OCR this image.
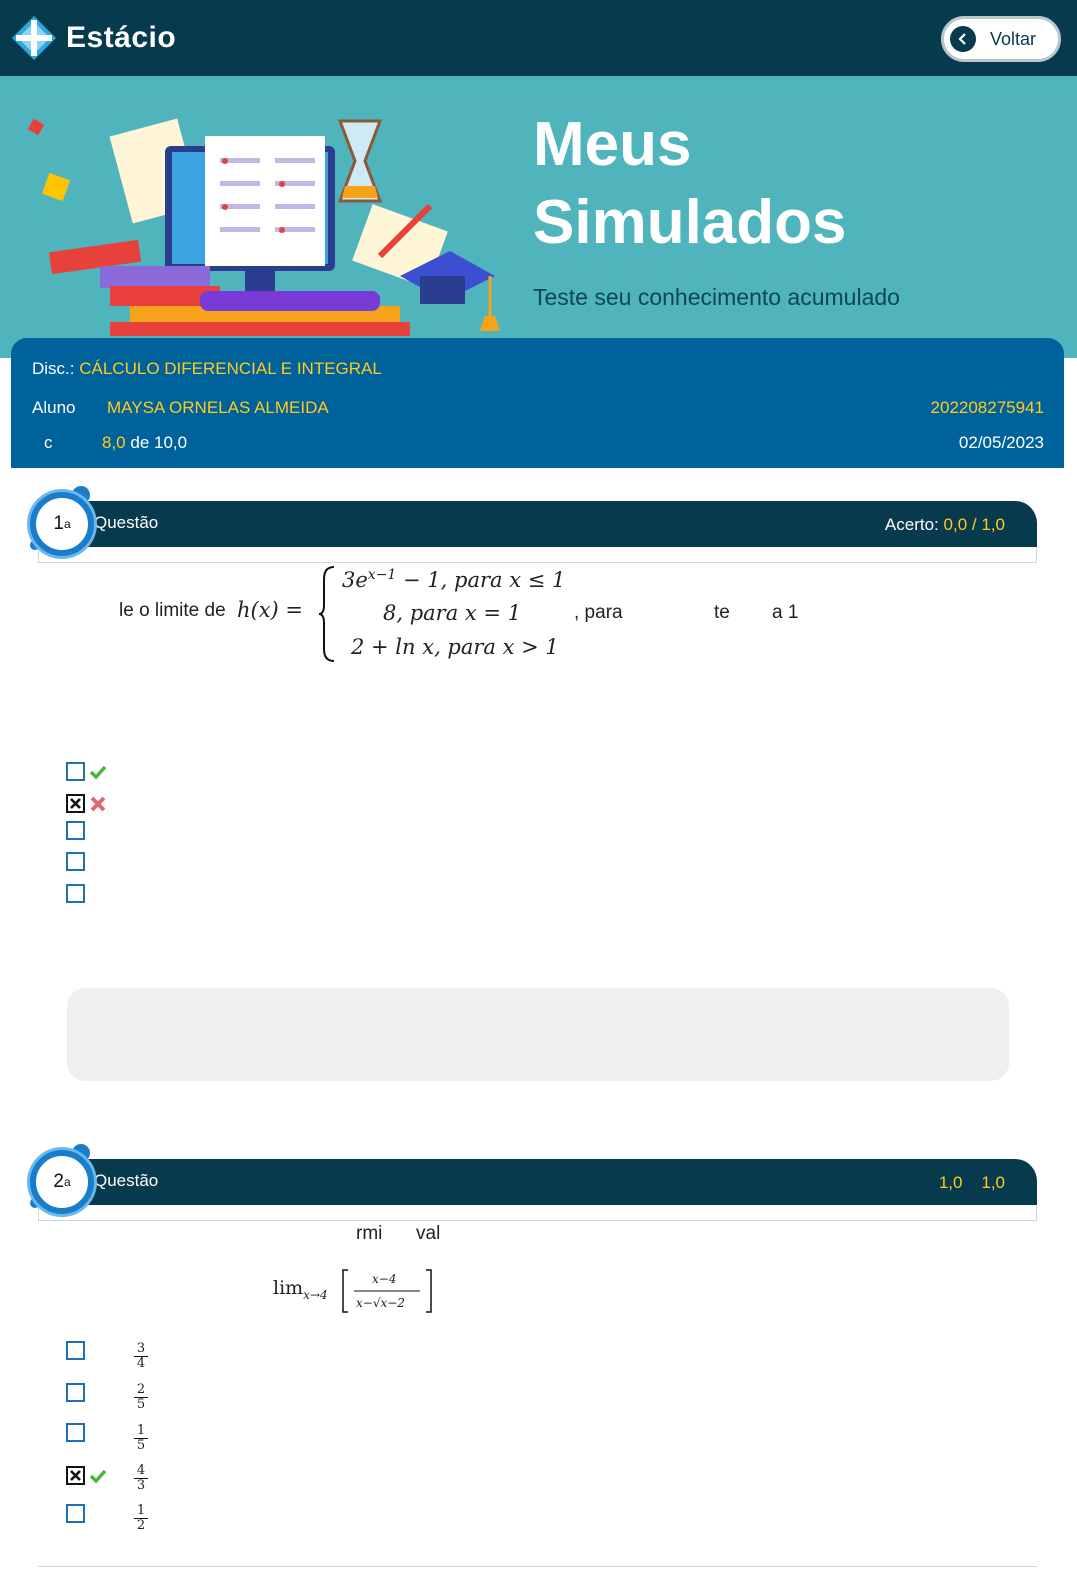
Estácio	Voltar
Meus
Simulados
Teste seu conhecimento acumulado
Disc.: CÁLCULO DIFERENCIAL E INTEGRAL
Aluno MAYSA ORNELAS ALMEIDA	202208275941
c	8,0 de 10,0	02/05/2023
Questão	Acerto: 0,0 / 1,0
1 a
le o limite de h(x) =
$3e^{x-1} - 1$, para x ≤ 1
8, para x = 1
2 + ln x, para x > 1
, para	te a 1
Questão	1,0 1,0
2 a
rmi val
$\lim_{x\to 4}$
x−4
x−√x−2
$\frac{3}{4}$
$\frac{2}{5}$
$\frac{1}{5}$
$\frac{4}{3}$
$\frac{1}{2}$
